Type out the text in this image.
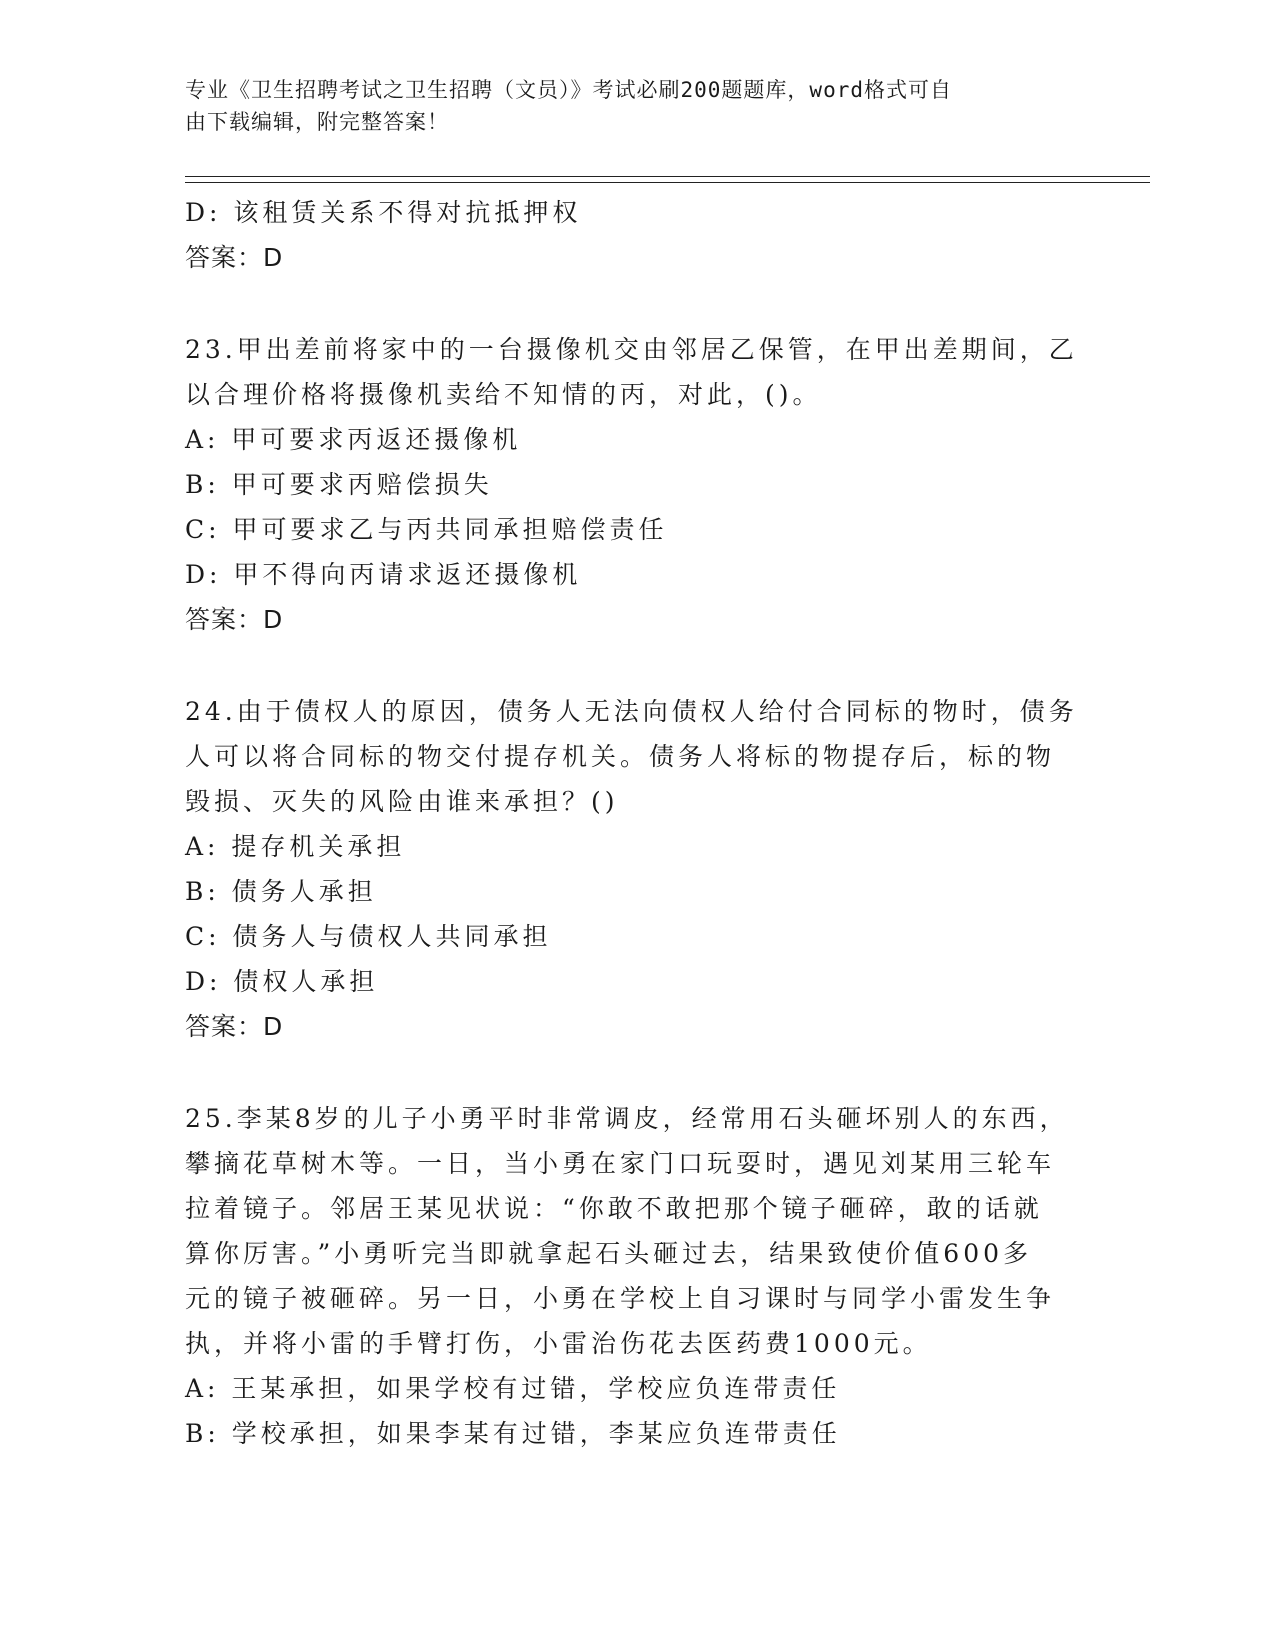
专业《卫生招聘考试之卫生招聘（文员）》考试必刷200题题库，word格式可自
由下载编辑，附完整答案！
D: 该租赁关系不得对抗抵押权
答案：D
23.甲出差前将家中的一台摄像机交由邻居乙保管，在甲出差期间，乙
以合理价格将摄像机卖给不知情的丙，对此，()。
A: 甲可要求丙返还摄像机
B: 甲可要求丙赔偿损失
C: 甲可要求乙与丙共同承担赔偿责任
D: 甲不得向丙请求返还摄像机
答案：D
24.由于债权人的原因，债务人无法向债权人给付合同标的物时，债务
人可以将合同标的物交付提存机关。债务人将标的物提存后，标的物
毁损、灭失的风险由谁来承担？()
A: 提存机关承担
B: 债务人承担
C: 债务人与债权人共同承担
D: 债权人承担
答案：D
25.李某8岁的儿子小勇平时非常调皮，经常用石头砸坏别人的东西，
攀摘花草树木等。一日，当小勇在家门口玩耍时，遇见刘某用三轮车
拉着镜子。邻居王某见状说：“你敢不敢把那个镜子砸碎，敢的话就
算你厉害。”小勇听完当即就拿起石头砸过去，结果致使价值600多
元的镜子被砸碎。另一日，小勇在学校上自习课时与同学小雷发生争
执，并将小雷的手臂打伤，小雷治伤花去医药费1000元。
A: 王某承担，如果学校有过错，学校应负连带责任
B: 学校承担，如果李某有过错，李某应负连带责任
